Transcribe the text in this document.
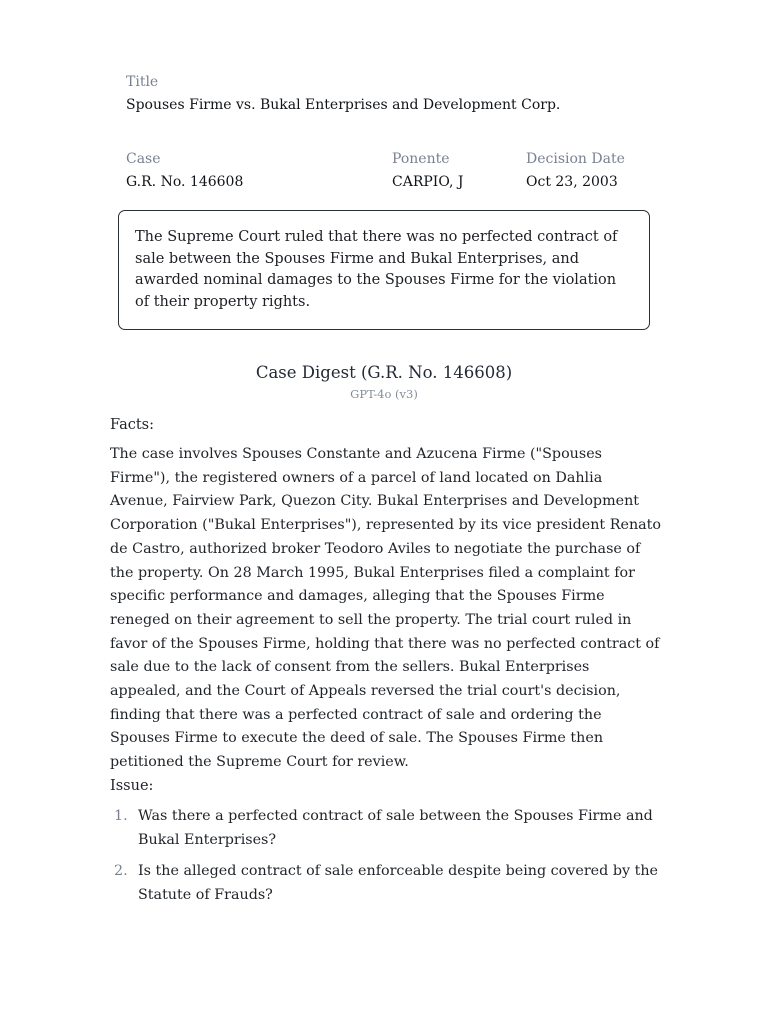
Title
Spouses Firme vs. Bukal Enterprises and Development Corp.
Case
G.R. No. 146608
Ponente
CARPIO, J
Decision Date
Oct 23, 2003
The Supreme Court ruled that there was no perfected contract of sale between the Spouses Firme and Bukal Enterprises, and awarded nominal damages to the Spouses Firme for the violation of their property rights.
Case Digest (G.R. No. 146608)
GPT-4o (v3)
Facts:
The case involves Spouses Constante and Azucena Firme ("Spouses Firme"), the registered owners of a parcel of land located on Dahlia Avenue, Fairview Park, Quezon City. Bukal Enterprises and Development Corporation ("Bukal Enterprises"), represented by its vice president Renato de Castro, authorized broker Teodoro Aviles to negotiate the purchase of the property. On 28 March 1995, Bukal Enterprises filed a complaint for specific performance and damages, alleging that the Spouses Firme reneged on their agreement to sell the property. The trial court ruled in favor of the Spouses Firme, holding that there was no perfected contract of sale due to the lack of consent from the sellers. Bukal Enterprises appealed, and the Court of Appeals reversed the trial court's decision, finding that there was a perfected contract of sale and ordering the Spouses Firme to execute the deed of sale. The Spouses Firme then petitioned the Supreme Court for review.
Issue:
1. Was there a perfected contract of sale between the Spouses Firme and Bukal Enterprises?
2. Is the alleged contract of sale enforceable despite being covered by the Statute of Frauds?
